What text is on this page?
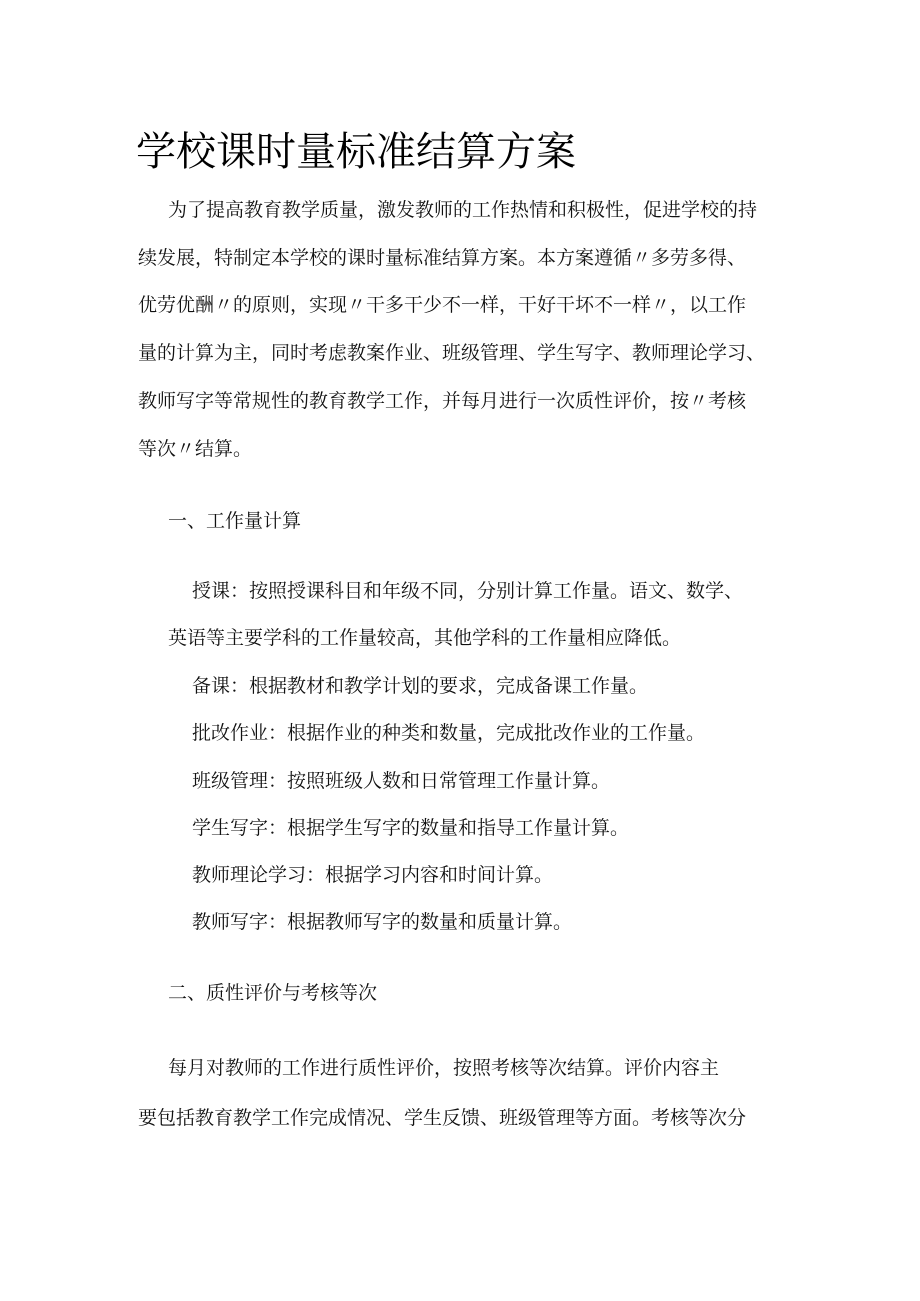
学校课时量标准结算方案
为了提高教育教学质量，激发教师的工作热情和积极性，促进学校的持
续发展，特制定本学校的课时量标准结算方案。本方案遵循〃多劳多得、
优劳优酬〃的原则，实现〃干多干少不一样，干好干坏不一样〃，以工作
量的计算为主，同时考虑教案作业、班级管理、学生写字、教师理论学习、
教师写字等常规性的教育教学工作，并每月进行一次质性评价，按〃考核
等次〃结算。
一、工作量计算
授课：按照授课科目和年级不同，分别计算工作量。语文、数学、
英语等主要学科的工作量较高，其他学科的工作量相应降低。
备课：根据教材和教学计划的要求，完成备课工作量。
批改作业：根据作业的种类和数量，完成批改作业的工作量。
班级管理：按照班级人数和日常管理工作量计算。
学生写字：根据学生写字的数量和指导工作量计算。
教师理论学习：根据学习内容和时间计算。
教师写字：根据教师写字的数量和质量计算。
二、质性评价与考核等次
每月对教师的工作进行质性评价，按照考核等次结算。评价内容主
要包括教育教学工作完成情况、学生反馈、班级管理等方面。考核等次分
